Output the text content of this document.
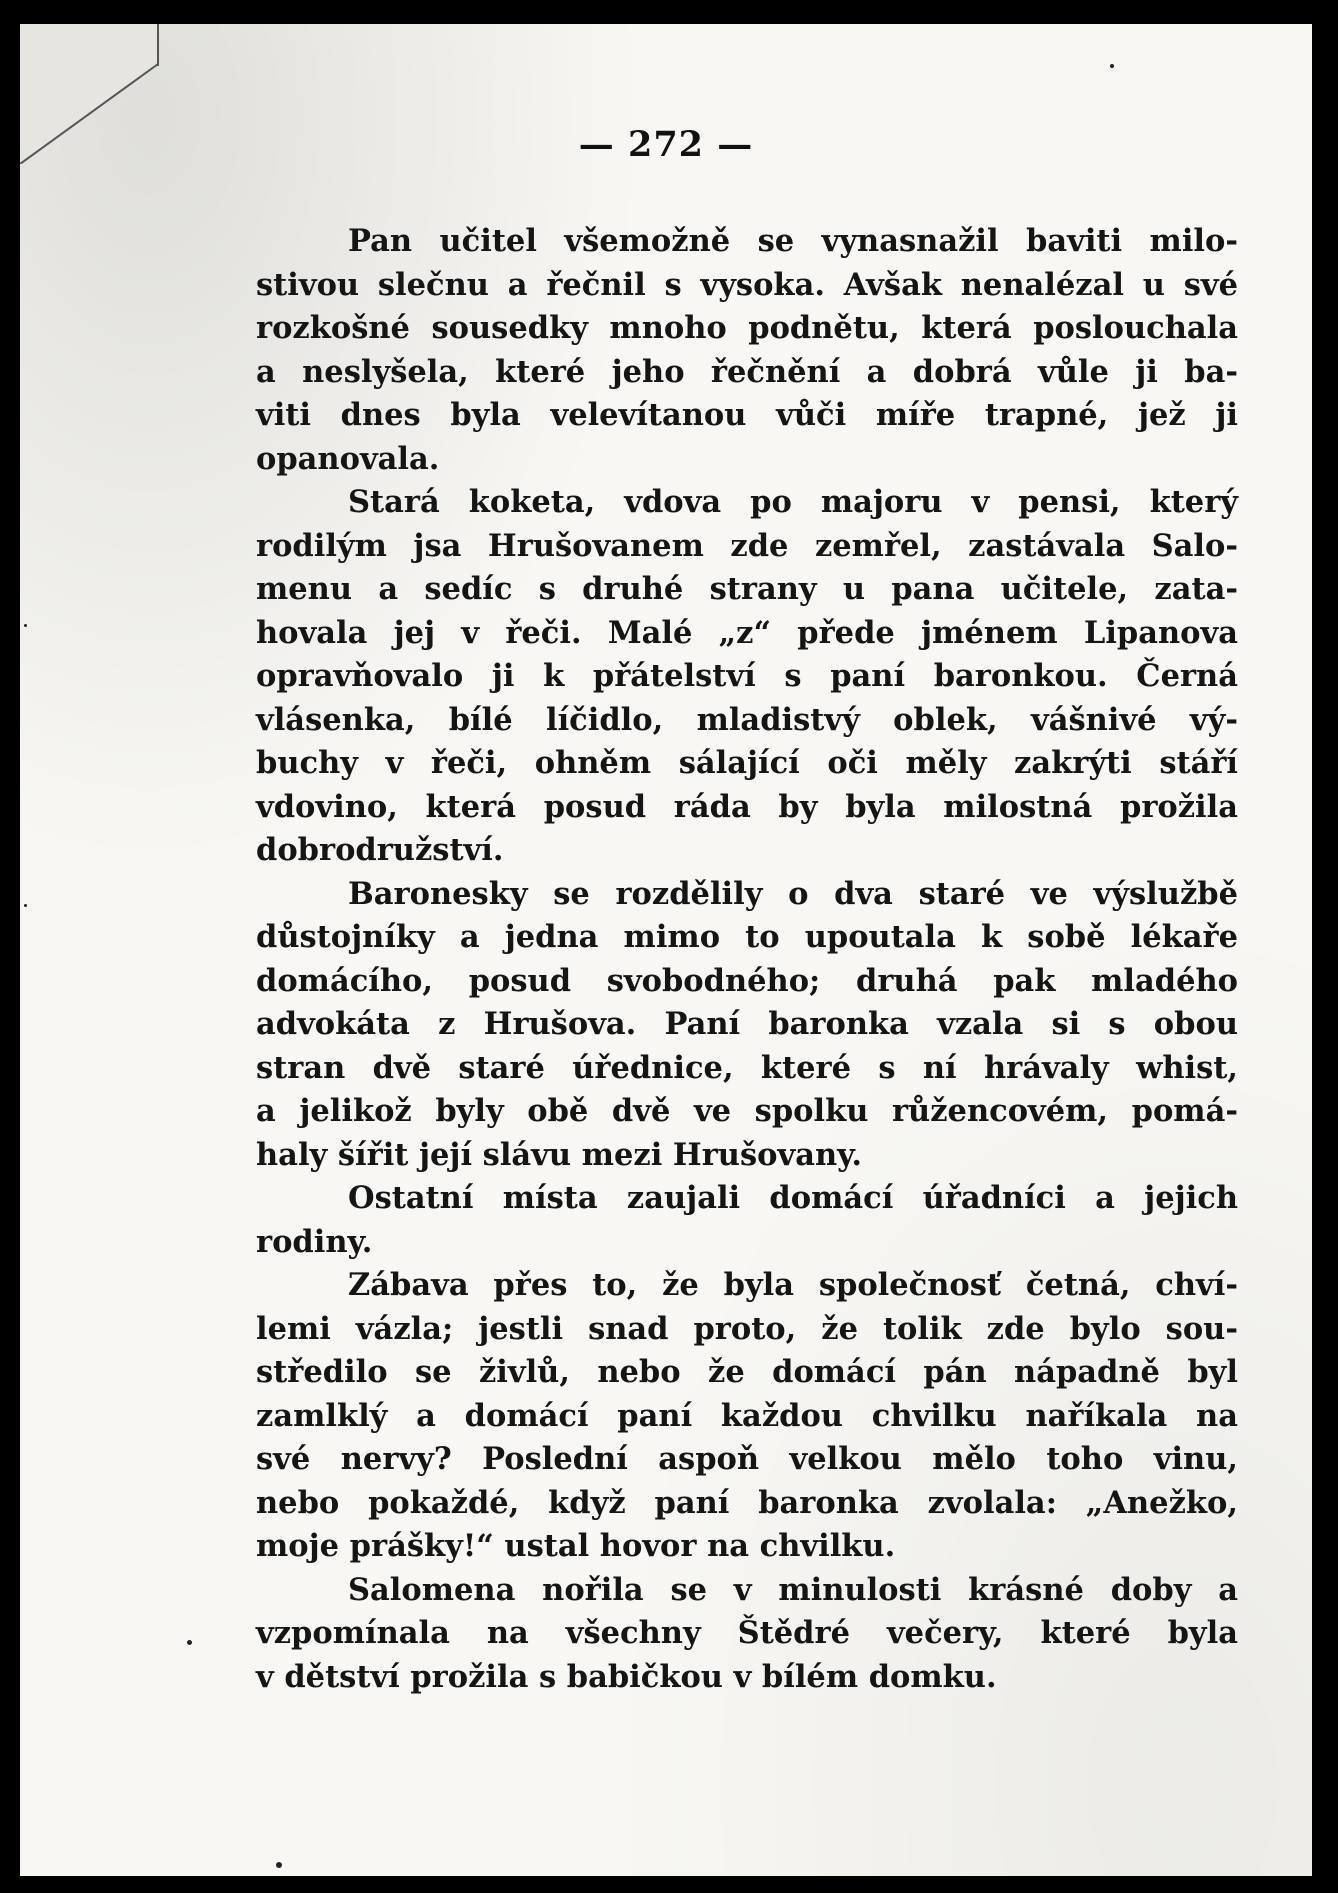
— 272 —
Pan učitel všemožně se vynasnažil baviti milo-
stivou slečnu a řečnil s vysoka. Avšak nenalézal u své
rozkošné sousedky mnoho podnětu, která poslouchala
a neslyšela, které jeho řečnění a dobrá vůle ji ba-
viti dnes byla velevítanou vůči míře trapné, jež ji
opanovala.
Stará koketa, vdova po majoru v pensi, který
rodilým jsa Hrušovanem zde zemřel, zastávala Salo-
menu a sedíc s druhé strany u pana učitele, zata-
hovala jej v řeči. Malé „z“ přede jménem Lipanova
opravňovalo ji k přátelství s paní baronkou. Černá
vlásenka, bílé líčidlo, mladistvý oblek, vášnivé vý-
buchy v řeči, ohněm sálající oči měly zakrýti stáří
vdovino, která posud ráda by byla milostná prožila
dobrodružství.
Baronesky se rozdělily o dva staré ve výslužbě
důstojníky a jedna mimo to upoutala k sobě lékaře
domácího, posud svobodného; druhá pak mladého
advokáta z Hrušova. Paní baronka vzala si s obou
stran dvě staré úřednice, které s ní hrávaly whist,
a jelikož byly obě dvě ve spolku růžencovém, pomá-
haly šířit její slávu mezi Hrušovany.
Ostatní místa zaujali domácí úřadníci a jejich
rodiny.
Zábava přes to, že byla společnosť četná, chví-
lemi vázla; jestli snad proto, že tolik zde bylo sou-
středilo se živlů, nebo že domácí pán nápadně byl
zamlklý a domácí paní každou chvilku naříkala na
své nervy? Poslední aspoň velkou mělo toho vinu,
nebo pokaždé, když paní baronka zvolala: „Anežko,
moje prášky!“ ustal hovor na chvilku.
Salomena nořila se v minulosti krásné doby a
vzpomínala na všechny Štědré večery, které byla
v dětství prožila s babičkou v bílém domku.
